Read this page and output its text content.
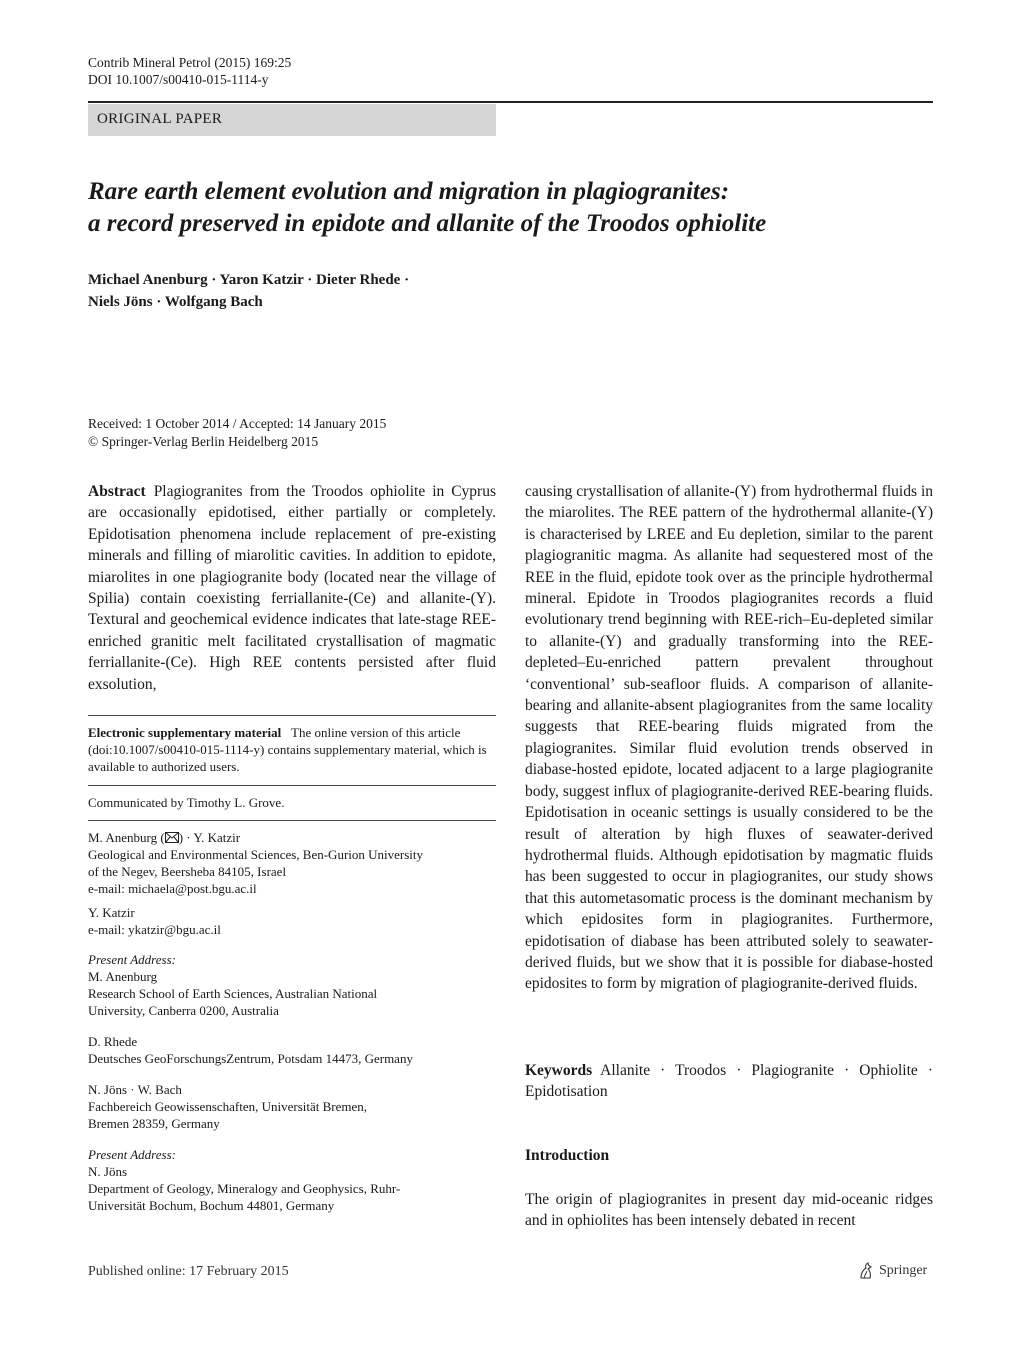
Contrib Mineral Petrol (2015) 169:25
DOI 10.1007/s00410-015-1114-y
ORIGINAL PAPER
Rare earth element evolution and migration in plagiogranites:
a record preserved in epidote and allanite of the Troodos ophiolite
Michael Anenburg · Yaron Katzir · Dieter Rhede ·
Niels Jöns · Wolfgang Bach
Received: 1 October 2014 / Accepted: 14 January 2015
© Springer-Verlag Berlin Heidelberg 2015
Abstract Plagiogranites from the Troodos ophiolite in Cyprus are occasionally epidotised, either partially or completely. Epidotisation phenomena include replacement of pre-existing minerals and filling of miarolitic cavities. In addition to epidote, miarolites in one plagiogranite body (located near the village of Spilia) contain coexisting ferriallanite-(Ce) and allanite-(Y). Textural and geochemical evidence indicates that late-stage REE-enriched granitic melt facilitated crystallisation of magmatic ferriallanite-(Ce). High REE contents persisted after fluid exsolution,

Electronic supplementary material The online version of this article (doi:10.1007/s00410-015-1114-y) contains supplementary material, which is available to authorized users.

Communicated by Timothy L. Grove.

M. Anenburg ( ) · Y. Katzir

Geological and Environmental Sciences, Ben-Gurion University

of the Negev, Beersheba 84105, Israel

e-mail: michaela@post.bgu.ac.il

Y. Katzir

e-mail: ykatzir@bgu.ac.il

Present Address:

M. Anenburg

Research School of Earth Sciences, Australian National

University, Canberra 0200, Australia

D. Rhede

Deutsches GeoForschungsZentrum, Potsdam 14473, Germany

N. Jöns · W. Bach

Fachbereich Geowissenschaften, Universität Bremen,

Bremen 28359, Germany

Present Address:

N. Jöns

Department of Geology, Mineralogy and Geophysics, Ruhr-

Universität Bochum, Bochum 44801, Germany

causing crystallisation of allanite-(Y) from hydrothermal fluids in the miarolites. The REE pattern of the hydrothermal allanite-(Y) is characterised by LREE and Eu depletion, similar to the parent plagiogranitic magma. As allanite had sequestered most of the REE in the fluid, epidote took over as the principle hydrothermal mineral. Epidote in Troodos plagiogranites records a fluid evolutionary trend beginning with REE-rich–Eu-depleted similar to allanite-(Y) and gradually transforming into the REE-depleted–Eu-enriched pattern prevalent throughout ‘conventional’ sub-seafloor fluids. A comparison of allanite-bearing and allanite-absent plagiogranites from the same locality suggests that REE-bearing fluids migrated from the plagiogranites. Similar fluid evolution trends observed in diabase-hosted epidote, located adjacent to a large plagiogranite body, suggest influx of plagiogranite-derived REE-bearing fluids. Epidotisation in oceanic settings is usually considered to be the result of alteration by high fluxes of seawater-derived hydrothermal fluids. Although epidotisation by magmatic fluids has been suggested to occur in plagiogranites, our study shows that this autometasomatic process is the dominant mechanism by which epidosites form in plagiogranites. Furthermore, epidotisation of diabase has been attributed solely to seawater-derived fluids, but we show that it is possible for diabase-hosted epidosites to form by migration of plagiogranite-derived fluids.
Keywords Allanite · Troodos · Plagiogranite · Ophiolite · Epidotisation
Introduction
The origin of plagiogranites in present day mid-oceanic ridges and in ophiolites has been intensely debated in recent
Published online: 17 February 2015	Springer
